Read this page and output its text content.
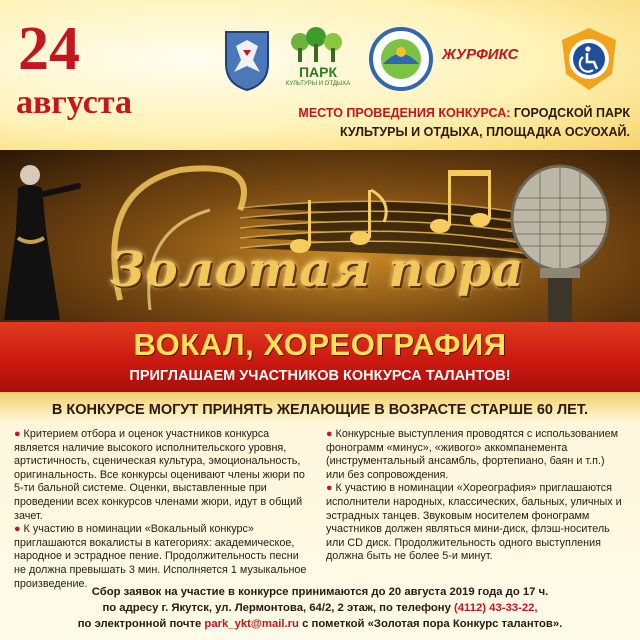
24
августа
ПАРК
КУЛЬТУРЫ И ОТДЫХА
ЖУРФИКС
МЕСТО ПРОВЕДЕНИЯ КОНКУРСА: ГОРОДСКОЙ ПАРК КУЛЬТУРЫ И ОТДЫХА, ПЛОЩАДКА ОСУОХАЙ.
Золотая пора
ВОКАЛ, ХОРЕОГРАФИЯ
ПРИГЛАШАЕМ УЧАСТНИКОВ КОНКУРСА ТАЛАНТОВ!
В КОНКУРСЕ МОГУТ ПРИНЯТЬ ЖЕЛАЮЩИЕ В ВОЗРАСТЕ СТАРШЕ 60 ЛЕТ.

● Критерием отбора и оценок участников конкурса является наличие высокого исполнительского уровня, артистичность, сценическая культура, эмоциональность, оригинальность. Все конкурсы оценивают члены жюри по 5-ти бальной системе. Оценки, выставленные при проведении всех конкурсов членами жюри, идут в общий зачет.

● К участию в номинации «Вокальный конкурс» приглашаются вокалисты в категориях: академическое, народное и эстрадное пение. Продолжительность песни не должна превышать 3 мин. Исполняется 1 музыкальное произведение.

● Конкурсные выступления проводятся с использованием фонограмм «минус», «живого» аккомпанемента (инструментальный ансамбль, фортепиано, баян и т.п.) или без сопровождения.

● К участию в номинации «Хореография» приглашаются исполнители народных, классических, бальных, уличных и эстрадных танцев. Звуковым носителем фонограмм участников должен являться мини-диск, флэш-носитель или CD диск. Продолжительность одного выступления должна быть не более 5-и минут.

Сбор заявок на участие в конкурсе принимаются до 20 августа 2019 года до 17 ч.
по адресу г. Якутск, ул. Лермонтова, 64/2, 2 этаж, по телефону (4112) 43-33-22,
по электронной почте park_ykt@mail.ru с пометкой «Золотая пора Конкурс талантов».
